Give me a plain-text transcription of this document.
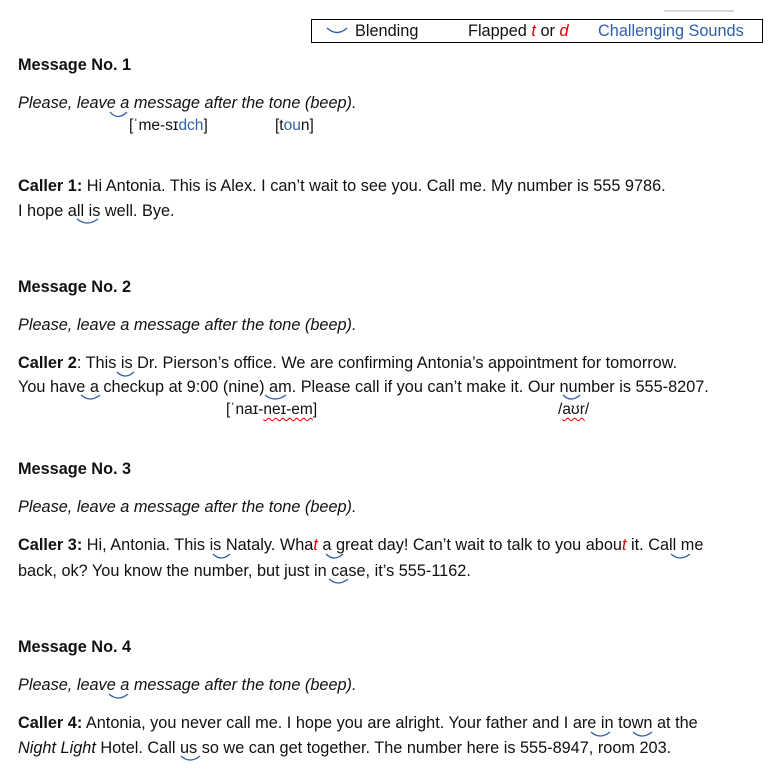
Blending	Flapped t or d Challenging Sounds
Message No. 1
Please, leave a message after the tone (beep).
[ˈme-sɪdch]	[toun]
Caller 1: Hi Antonia. This is Alex. I can’t wait to see you. Call me. My number is 555 9786.
I hope all is well. Bye.
Message No. 2
Please, leave a message after the tone (beep).
Caller 2: This is Dr. Pierson’s office. We are confirming Antonia’s appointment for tomorrow.
You have a checkup at 9:00 (nine) am. Please call if you can’t make it. Our number is 555-8207.
[ˈnaɪ-neɪ-em]	/aʊr/
Message No. 3
Please, leave a message after the tone (beep).
Caller 3: Hi, Antonia. This is Nataly. What a great day! Can’t wait to talk to you about it. Call me
back, ok? You know the number, but just in case, it’s 555-1162.
Message No. 4
Please, leave a message after the tone (beep).
Caller 4: Antonia, you never call me. I hope you are alright. Your father and I are in town at the
Night Light Hotel. Call us so we can get together. The number here is 555-8947, room 203.
